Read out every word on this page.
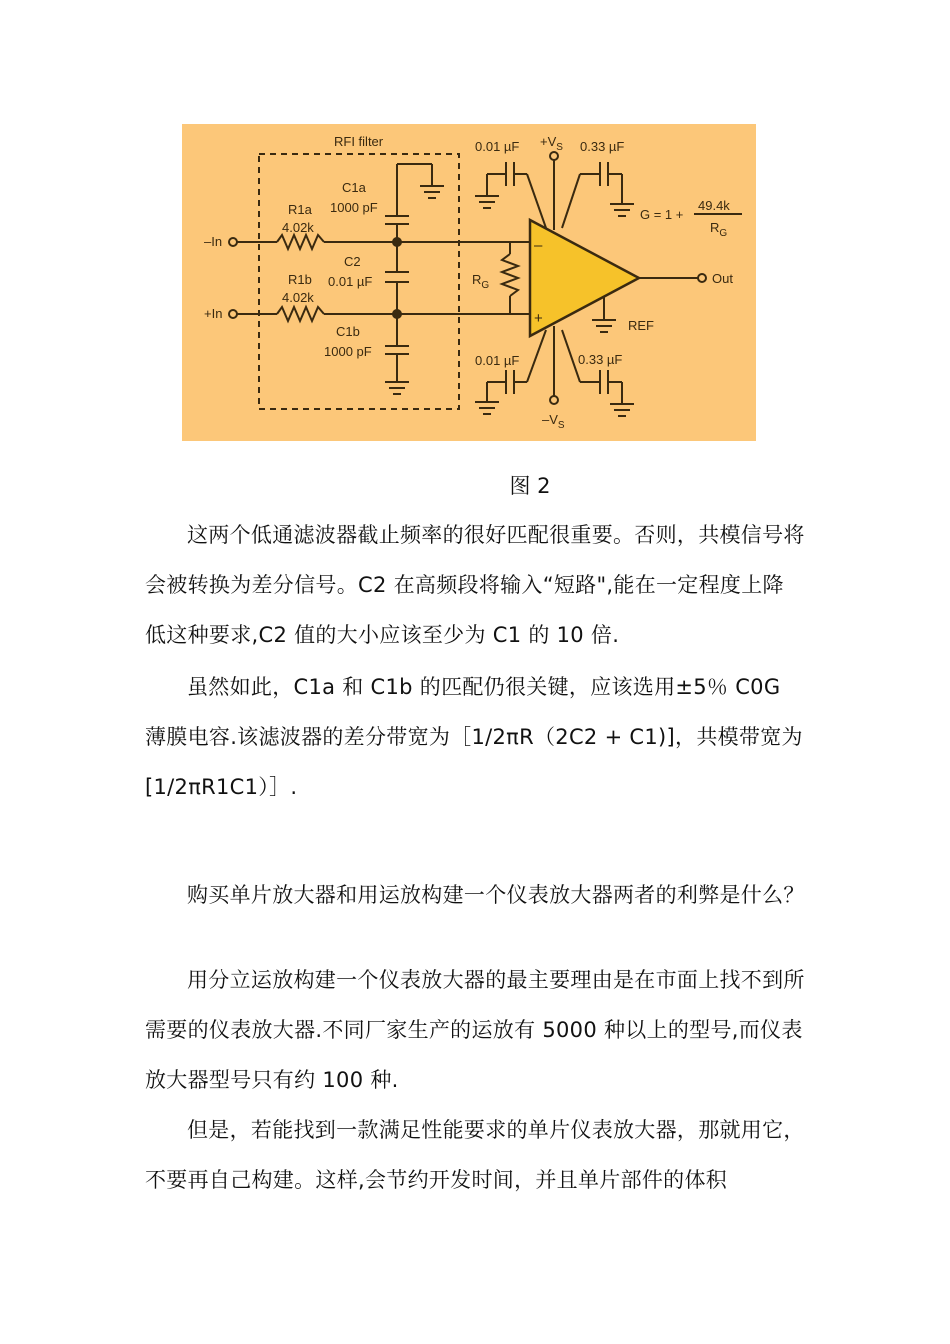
RFI filter
C1a
1000 pF
R1a
4.02k
C2
0.01 µF
R1b
4.02k
C1b
1000 pF
–In
+In
$R_G$
0.01 $\mu F +V_S$ 0.33 µF
G = 1 +
49.4k
$R_G$
Out
REF
0.01 µF	0.33 µF
$-V_S$
–
+
图 2
这两个低通滤波器截止频率的很好匹配很重要。否则，共模信号将会被转换为差分信号。C2 在高频段将输入“短路",能在一定程度上降低这种要求,C2 值的大小应该至少为 C1 的 10 倍.
虽然如此，C1a 和 C1b 的匹配仍很关键，应该选用±5％ C0G 薄膜电容.该滤波器的差分带宽为［1/2πR（2C2 + C1)]，共模带宽为[1/2πR1C1）］.
购买单片放大器和用运放构建一个仪表放大器两者的利弊是什么？
用分立运放构建一个仪表放大器的最主要理由是在市面上找不到所需要的仪表放大器.不同厂家生产的运放有 5000 种以上的型号,而仪表放大器型号只有约 100 种.
但是，若能找到一款满足性能要求的单片仪表放大器，那就用它，不要再自己构建。这样,会节约开发时间，并且单片部件的体积
